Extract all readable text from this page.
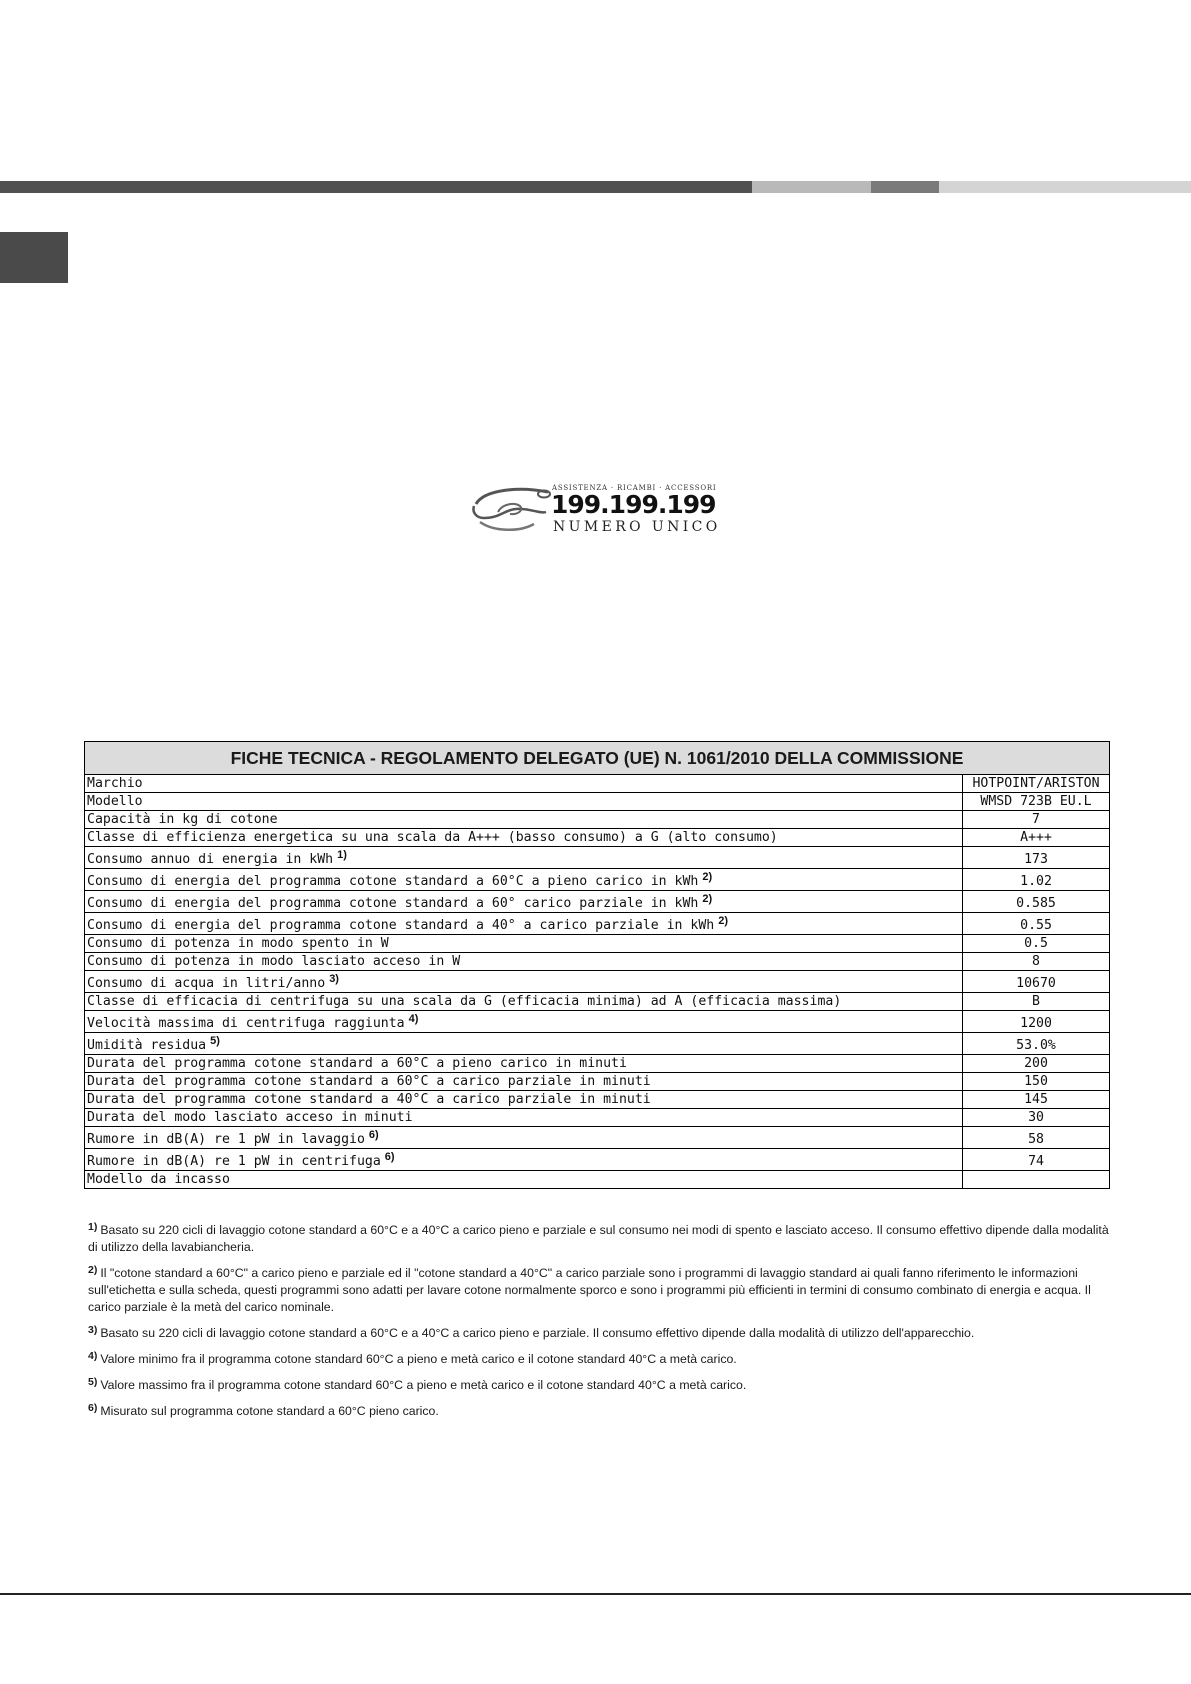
ASSISTENZA · RICAMBI · ACCESSORI
199.199.199
NUMERO UNICO
FICHE TECNICA - REGOLAMENTO DELEGATO (UE) N. 1061/2010 DELLA COMMISSIONE	
Marchio	HOTPOINT/ARISTON
Modello	WMSD 723B EU.L
Capacità in kg di cotone	7
Classe di efficienza energetica su una scala da A+++ (basso consumo) a G (alto consumo)	A+++
Consumo annuo di energia in kWh $^{1)}$	173
Consumo di energia del programma cotone standard a 60°C a pieno carico in kWh $^{2)}$	1.02
Consumo di energia del programma cotone standard a 60° carico parziale in kWh $^{2)}$	0.585
Consumo di energia del programma cotone standard a 40° a carico parziale in kWh $^{2)}$	0.55
Consumo di potenza in modo spento in W	0.5
Consumo di potenza in modo lasciato acceso in W	8
Consumo di acqua in litri/anno $^{3)}$	10670
Classe di efficacia di centrifuga su una scala da G (efficacia minima) ad A (efficacia massima)	B
Velocità massima di centrifuga raggiunta $^{4)}$	1200
Umidità residua $^{5)}$	53.0%
Durata del programma cotone standard a 60°C a pieno carico in minuti	200
Durata del programma cotone standard a 60°C a carico parziale in minuti	150
Durata del programma cotone standard a 40°C a carico parziale in minuti	145
Durata del modo lasciato acceso in minuti	30
Rumore in dB(A) re 1 pW in lavaggio $^{6)}$	58
Rumore in dB(A) re 1 pW in centrifuga $^{6)}$	74
Modello da incasso	
$^{1)}$ Basato su 220 cicli di lavaggio cotone standard a 60°C e a 40°C a carico pieno e parziale e sul consumo nei modi di spento e lasciato acceso. Il consumo effettivo dipende dalla modalità di utilizzo della lavabiancheria.
$^{2)}$ Il "cotone standard a 60°C" a carico pieno e parziale ed il "cotone standard a 40°C" a carico parziale sono i programmi di lavaggio standard ai quali fanno riferimento le informazioni sull'etichetta e sulla scheda, questi programmi sono adatti per lavare cotone normalmente sporco e sono i programmi più efficienti in termini di consumo combinato di energia e acqua. Il carico parziale è la metà del carico nominale.
$^{3)}$ Basato su 220 cicli di lavaggio cotone standard a 60°C e a 40°C a carico pieno e parziale. Il consumo effettivo dipende dalla modalità di utilizzo dell'apparecchio.
$^{4)}$ Valore minimo fra il programma cotone standard 60°C a pieno e metà carico e il cotone standard 40°C a metà carico.
$^{5)}$ Valore massimo fra il programma cotone standard 60°C a pieno e metà carico e il cotone standard 40°C a metà carico.
$^{6)}$ Misurato sul programma cotone standard a 60°C pieno carico.
